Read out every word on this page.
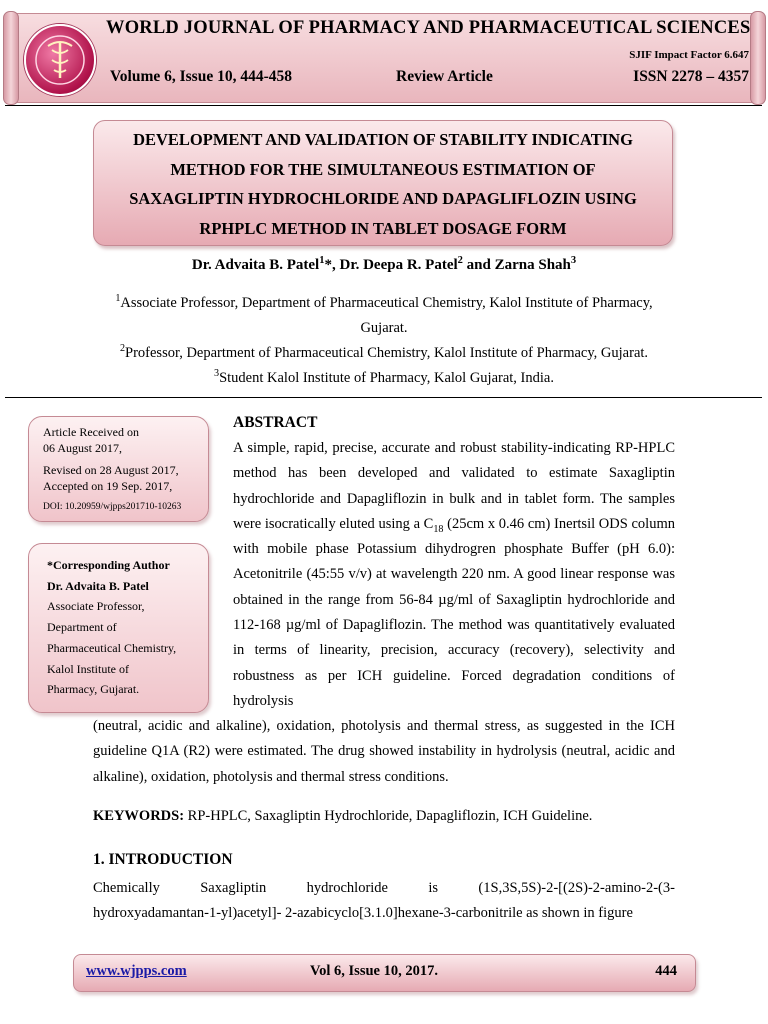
WORLD JOURNAL OF PHARMACY AND PHARMACEUTICAL SCIENCES
SJIF Impact Factor 6.647
Volume 6, Issue 10, 444-458	Review Article	ISSN 2278 – 4357
DEVELOPMENT AND VALIDATION OF STABILITY INDICATING
METHOD FOR THE SIMULTANEOUS ESTIMATION OF
SAXAGLIPTIN HYDROCHLORIDE AND DAPAGLIFLOZIN USING
RPHPLC METHOD IN TABLET DOSAGE FORM
Dr. Advaita B. Patel$^1$*, Dr. Deepa R. Patel$^2$ and Zarna Shah$^3$
$^1$Associate Professor, Department of Pharmaceutical Chemistry, Kalol Institute of Pharmacy,
Gujarat.
$^2$Professor, Department of Pharmaceutical Chemistry, Kalol Institute of Pharmacy, Gujarat.
$^3$Student Kalol Institute of Pharmacy, Kalol Gujarat, India.
Article Received on
06 August 2017,
Revised on 28 August 2017,
Accepted on 19 Sep. 2017,
DOI: 10.20959/wjpps201710-10263
*Corresponding Author
Dr. Advaita B. Patel
Associate Professor,
Department of
Pharmaceutical Chemistry,
Kalol Institute of
Pharmacy, Gujarat.
ABSTRACT
A simple, rapid, precise, accurate and robust stability-indicating RP-HPLC method has been developed and validated to estimate Saxagliptin hydrochloride and Dapagliflozin in bulk and in tablet form. The samples were isocratically eluted using a $C_{18}$ (25cm x 0.46 cm) Inertsil ODS column with mobile phase Potassium dihydrogren phosphate Buffer (pH 6.0): Acetonitrile (45:55 v/v) at wavelength 220 nm. A good linear response was obtained in the range from 56-84 µg/ml of Saxagliptin hydrochloride and 112-168 µg/ml of Dapagliflozin. The method was quantitatively evaluated in terms of linearity, precision, accuracy (recovery), selectivity and robustness as per ICH guideline. Forced degradation conditions of hydrolysis
(neutral, acidic and alkaline), oxidation, photolysis and thermal stress, as suggested in the ICH guideline Q1A (R2) were estimated. The drug showed instability in hydrolysis (neutral, acidic and alkaline), oxidation, photolysis and thermal stress conditions.
KEYWORDS: RP-HPLC, Saxagliptin Hydrochloride, Dapagliflozin, ICH Guideline.
1. INTRODUCTION
Chemically	Saxagliptin	hydrochloride	is	(1S,3S,5S)-2-[(2S)-2-amino-2-(3-
hydroxyadamantan-1-yl)acetyl]- 2-azabicyclo[3.1.0]hexane-3-carbonitrile as shown in figure
www.wjpps.com	Vol 6, Issue 10, 2017.	444
